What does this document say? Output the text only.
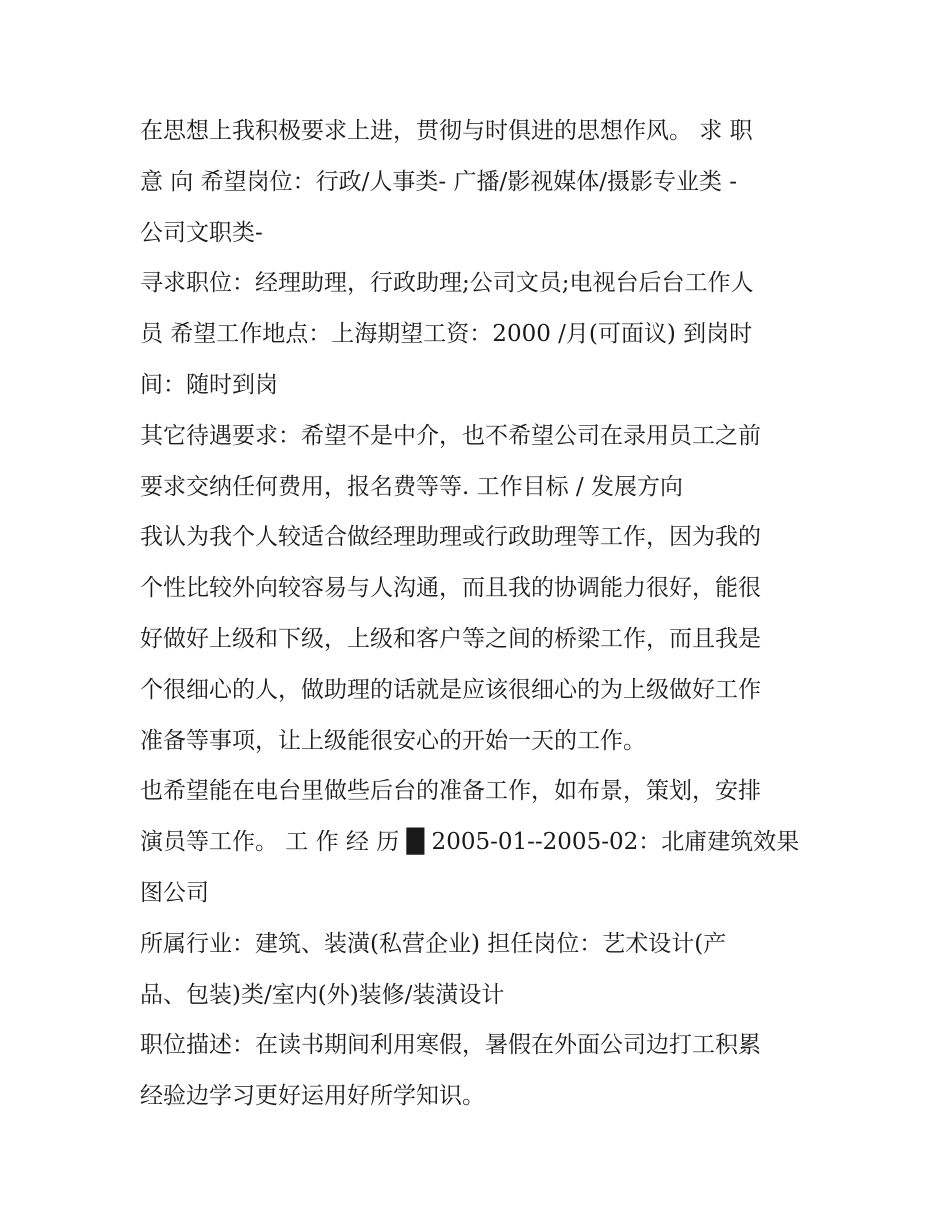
在思想上我积极要求上进，贯彻与时俱进的思想作风。 求 职
意 向 希望岗位：行政/人事类- 广播/影视媒体/摄影专业类 -
公司文职类-
寻求职位：经理助理，行政助理;公司文员;电视台后台工作人
员 希望工作地点：上海期望工资：2000 /月(可面议) 到岗时
间：随时到岗
其它待遇要求：希望不是中介，也不希望公司在录用员工之前
要求交纳任何费用，报名费等等. 工作目标 / 发展方向
我认为我个人较适合做经理助理或行政助理等工作，因为我的
个性比较外向较容易与人沟通，而且我的协调能力很好，能很
好做好上级和下级，上级和客户等之间的桥梁工作，而且我是
个很细心的人，做助理的话就是应该很细心的为上级做好工作
准备等事项，让上级能很安心的开始一天的工作。
也希望能在电台里做些后台的准备工作，如布景，策划，安排
演员等工作。 工 作 经 历 █ 2005-01--2005-02：北庯建筑效果
图公司
所属行业：建筑、装潢(私营企业) 担任岗位：艺术设计(产
品、包装)类/室内(外)装修/装潢设计
职位描述：在读书期间利用寒假，暑假在外面公司边打工积累
经验边学习更好运用好所学知识。
